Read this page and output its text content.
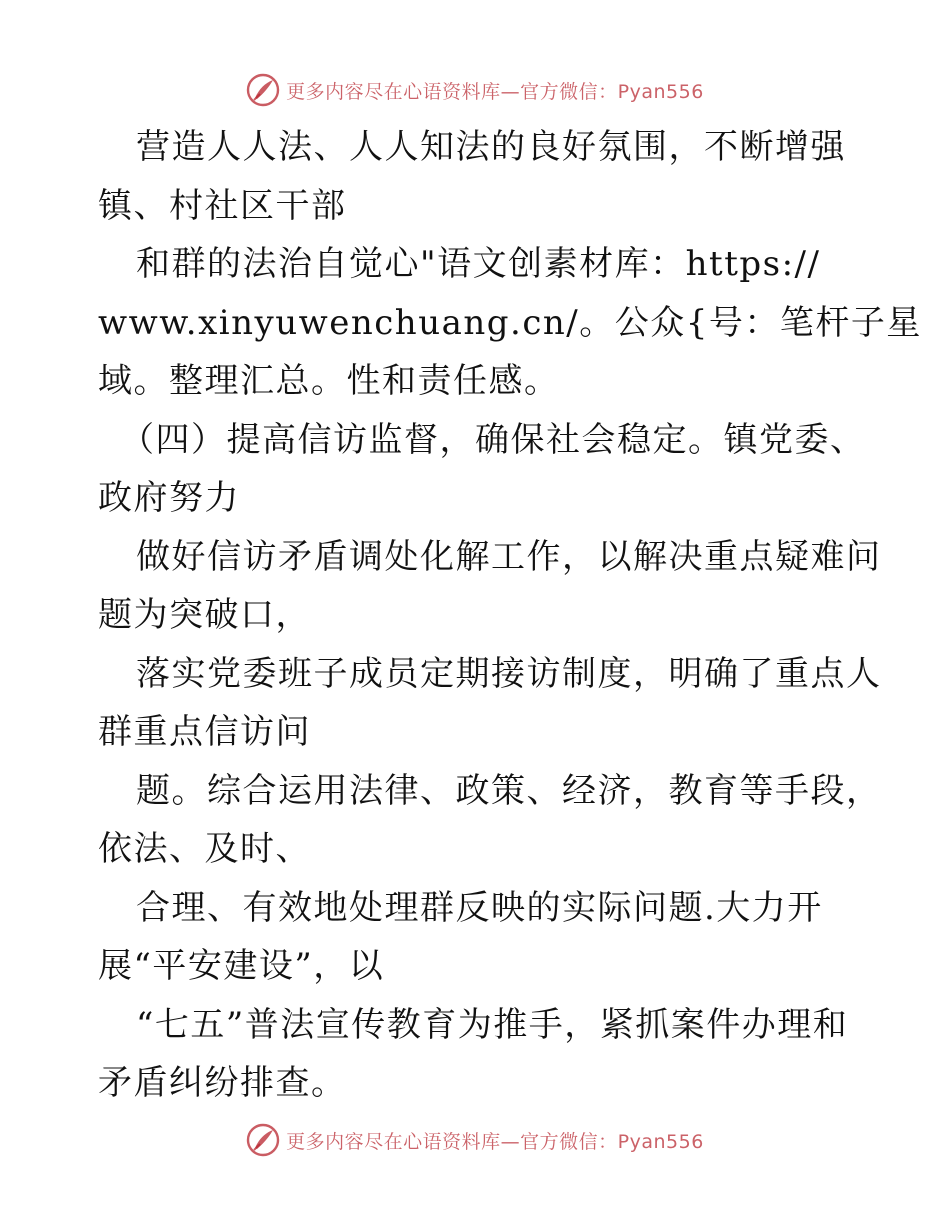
更多内容尽在心语资料库—官方微信：Pyan556
营造人人法、人人知法的良好氛围，不断增强
镇、村社区干部
和群的法治自觉心"语文创素材库：https://
www.xinyuwenchuang.cn/。公众{号：笔杆子星
域。整理汇总。性和责任感。
（四）提高信访监督，确保社会稳定。镇党委、
政府努力
做好信访矛盾调处化解工作，以解决重点疑难问
题为突破口，
落实党委班子成员定期接访制度，明确了重点人
群重点信访问
题。综合运用法律、政策、经济，教育等手段，
依法、及时、
合理、有效地处理群反映的实际问题.大力开
展“平安建设”，以
“七五”普法宣传教育为推手，紧抓案件办理和
矛盾纠纷排查。
更多内容尽在心语资料库—官方微信：Pyan556
